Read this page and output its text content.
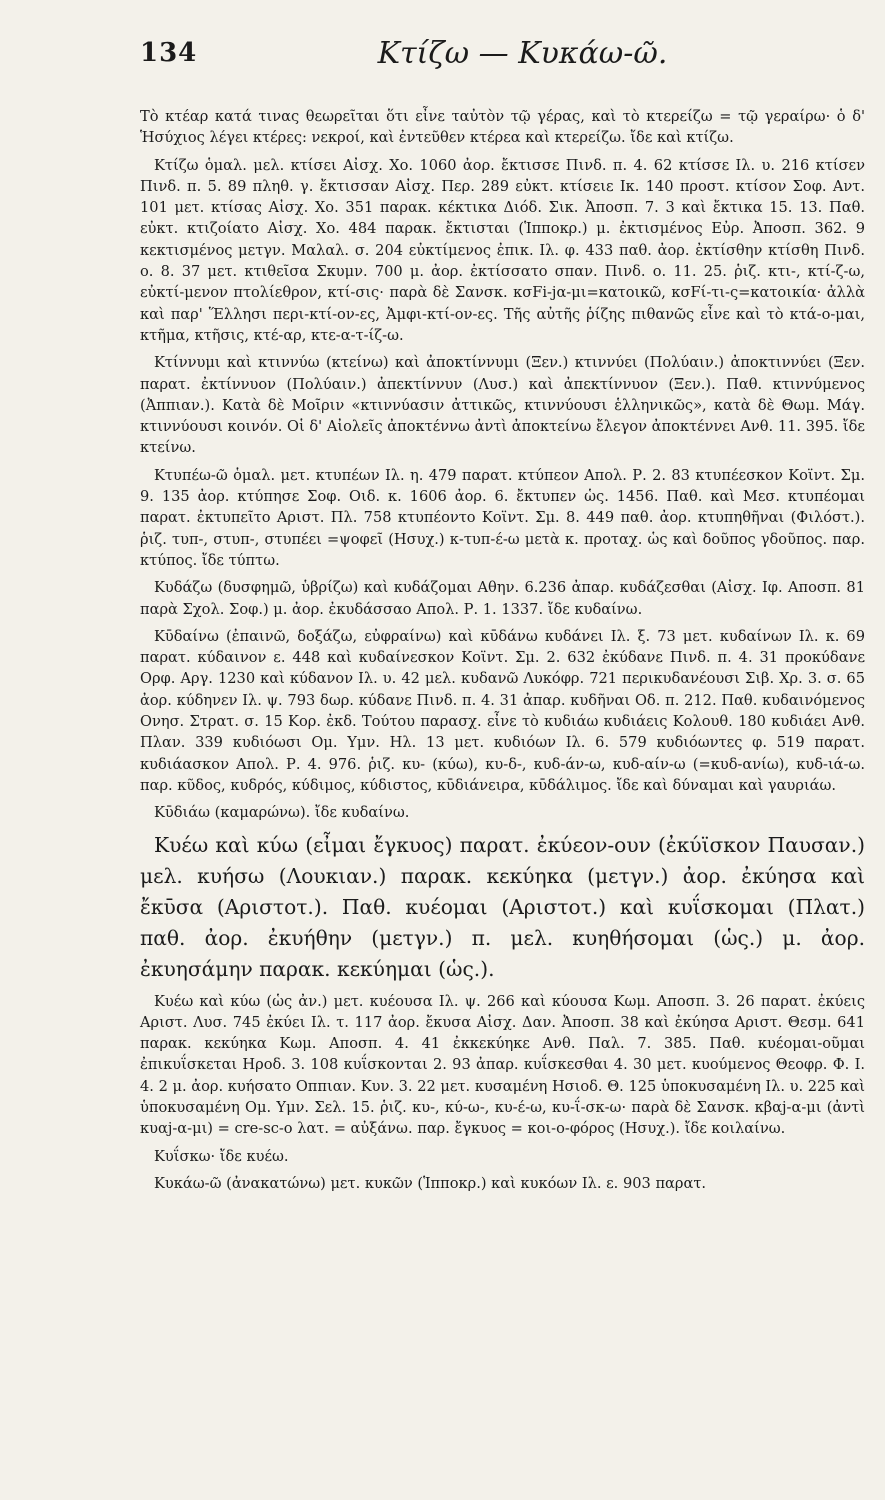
134	Κτίζω — Κυκάω-ῶ.

Τὸ κτέαρ κατά τινας θεωρεῖται ὅτι εἶνε ταὐτὸν τῷ γέρας, καὶ τὸ κτερείζω = τῷ γεραίρω· ὁ δ' Ἡσύχιος λέγει κτέρες: νεκροί, καὶ ἐντεῦθεν κτέρεα καὶ κτερείζω. ἴδε καὶ κτίζω.

Κτίζω ὁμαλ. μελ. κτίσει Αἰσχ. Χο. 1060 ἀορ. ἔκτισσε Πινδ. π. 4. 62 κτίσσε Ιλ. υ. 216 κτίσεν Πινδ. π. 5. 89 πληθ. γ. ἔκτισσαν Αἰσχ. Περ. 289 εὐκτ. κτίσειε Ικ. 140 προστ. κτίσον Σοφ. Αντ. 101 μετ. κτίσας Αἰσχ. Χο. 351 παρακ. κέκτικα Διόδ. Σικ. Ἀποσπ. 7. 3 καὶ ἔκτικα 15. 13. Παθ. εὐκτ. κτιζοίατο Αἰσχ. Χο. 484 παρακ. ἔκτισται (Ἱπποκρ.) μ. ἐκτισμένος Εὐρ. Ἀποσπ. 362. 9 κεκτισμένος μετγν. Μαλαλ. σ. 204 εὐκτίμενος ἐπικ. Ιλ. φ. 433 παθ. ἀορ. ἐκτίσθην κτίσθη Πινδ. ο. 8. 37 μετ. κτιθεῖσα Σκυμν. 700 μ. ἀορ. ἐκτίσσατο σπαν. Πινδ. ο. 11. 25. ῥιζ. κτι-, κτί-ζ-ω, εὐκτί-μενον πτολίεθρον, κτί-σις· παρὰ δὲ Σανσκ. κσFi-jα-μι=κατοικῶ, κσFί-τι-ς=κατοικία· ἀλλὰ καὶ παρ' Ἕλλησι περι-κτί-ον-ες, Ἀμφι-κτί-ον-ες. Τῆς αὐτῆς ῥίζης πιθανῶς εἶνε καὶ τὸ κτά-ο-μαι, κτῆμα, κτῆσις, κτέ-αρ, κτε-α-τ-ίζ-ω.

Κτίννυμι καὶ κτιννύω (κτείνω) καὶ ἀποκτίννυμι (Ξεν.) κτιννύει (Πολύαιν.) ἀποκτιννύει (Ξεν. παρατ. ἐκτίννυον (Πολύαιν.) ἀπεκτίννυν (Λυσ.) καὶ ἀπεκτίννυον (Ξεν.). Παθ. κτιννύμενος (Ἀππιαν.). Κατὰ δὲ Μοῖριν «κτιννύασιν ἀττικῶς, κτιννύουσι ἑλληνικῶς», κατὰ δὲ Θωμ. Μάγ. κτιννύουσι κοινόν. Οἱ δ' Αἰολεῖς ἀποκτέννω ἀντὶ ἀποκτείνω ἔλεγον ἀποκτέννει Ανθ. 11. 395. ἴδε κτείνω.

Κτυπέω-ῶ ὁμαλ. μετ. κτυπέων Ιλ. η. 479 παρατ. κτύπεον Απολ. Ρ. 2. 83 κτυπέεσκον Κοϊντ. Σμ. 9. 135 ἀορ. κτύπησε Σοφ. Οιδ. κ. 1606 ἀορ. 6. ἔκτυπεν ὡς. 1456. Παθ. καὶ Μεσ. κτυπέομαι παρατ. ἐκτυπεῖτο Αριστ. Πλ. 758 κτυπέοντο Κοϊντ. Σμ. 8. 449 παθ. ἀορ. κτυπηθῆναι (Φιλόστ.). ῥιζ. τυπ-, στυπ-, στυπέει =ψοφεῖ (Ησυχ.) κ-τυπ-έ-ω μετὰ κ. προταχ. ὡς καὶ δοῦπος γδοῦπος. παρ. κτύπος. ἴδε τύπτω.

Κυδάζω (δυσφημῶ, ὑβρίζω) καὶ κυδάζομαι Αθην. 6.236 ἀπαρ. κυδάζεσθαι (Αἰσχ. Ιφ. Αποσπ. 81 παρὰ Σχολ. Σοφ.) μ. ἀορ. ἐκυδάσσαο Απολ. Ρ. 1. 1337. ἴδε κυδαίνω.

Κῡδαίνω (ἐπαινῶ, δοξάζω, εὐφραίνω) καὶ κῡδάνω κυδάνει Ιλ. ξ. 73 μετ. κυδαίνων Ιλ. κ. 69 παρατ. κύδαινον ε. 448 καὶ κυδαίνεσκον Κοϊντ. Σμ. 2. 632 ἐκύδανε Πινδ. π. 4. 31 προκύδανε Ορφ. Αργ. 1230 καὶ κύδανον Ιλ. υ. 42 μελ. κυδανῶ Λυκόφρ. 721 περικυδανέουσι Σιβ. Χρ. 3. σ. 65 ἀορ. κύδηνεν Ιλ. ψ. 793 δωρ. κύδανε Πινδ. π. 4. 31 ἀπαρ. κυδῆναι Οδ. π. 212. Παθ. κυδαινόμενος Ονησ. Στρατ. σ. 15 Κορ. ἐκδ. Τούτου παρασχ. εἶνε τὸ κυδιάω κυδιάεις Κολουθ. 180 κυδιάει Ανθ. Πλαν. 339 κυδιόωσι Ομ. Υμν. Ηλ. 13 μετ. κυδιόων Ιλ. 6. 579 κυδιόωντες φ. 519 παρατ. κυδιάασκον Απολ. Ρ. 4. 976. ῥιζ. κυ- (κύω), κυ-δ-, κυδ-άν-ω, κυδ-αίν-ω (=κυδ-ανίω), κυδ-ιά-ω. παρ. κῦδος, κυδρός, κύδιμος, κύδιστος, κῡδιάνειρα, κῡδάλιμος. ἴδε καὶ δύναμαι καὶ γαυριάω.

Κῡδιάω (καμαρώνω). ἴδε κυδαίνω.

Κυέω καὶ κύω (εἶμαι ἔγκυος) παρατ. ἐκύεον-ουν (ἐκύϊσκον Παυσαν.) μελ. κυήσω (Λουκιαν.) παρακ. κεκύηκα (μετγν.) ἀορ. ἐκύησα καὶ ἔκῡσα (Αριστοτ.). Παθ. κυέομαι (Αριστοτ.) καὶ κυΐσκομαι (Πλατ.) παθ. ἀορ. ἐκυήθην (μετγν.) π. μελ. κυηθήσομαι (ὡς.) μ. ἀορ. ἐκυησάμην παρακ. κεκύημαι (ὡς.).

Κυέω καὶ κύω (ὡς ἀν.) μετ. κυέουσα Ιλ. ψ. 266 καὶ κύουσα Κωμ. Αποσπ. 3. 26 παρατ. ἐκύεις Αριστ. Λυσ. 745 ἐκύει Ιλ. τ. 117 ἀορ. ἔκυσα Αἰσχ. Δαν. Ἀποσπ. 38 καὶ ἐκύησα Αριστ. Θεσμ. 641 παρακ. κεκύηκα Κωμ. Αποσπ. 4. 41 ἐκκεκύηκε Ανθ. Παλ. 7. 385. Παθ. κυέομαι-οῦμαι ἐπικυΐσκεται Ηροδ. 3. 108 κυΐσκονται 2. 93 ἀπαρ. κυΐσκεσθαι 4. 30 μετ. κυούμενος Θεοφρ. Φ. Ι. 4. 2 μ. ἀορ. κυήσατο Οππιαν. Κυν. 3. 22 μετ. κυσαμένη Ησιοδ. Θ. 125 ὑποκυσαμένη Ιλ. υ. 225 καὶ ὑποκυσαμένη Ομ. Υμν. Σελ. 15. ῥιζ. κυ-, κύ-ω-, κυ-έ-ω, κυ-ΐ-σκ-ω· παρὰ δὲ Σανσκ. κβαj-α-μι (ἀντὶ κυαj-α-μι) = cre-sc-o λατ. = αὐξάνω. παρ. ἔγκυος = κοι-ο-φόρος (Ησυχ.). ἴδε κοιλαίνω.

Κυΐσκω· ἴδε κυέω.

Κυκάω-ῶ (ἀνακατώνω) μετ. κυκῶν (Ἱπποκρ.) καὶ κυκόων Ιλ. ε. 903 παρατ.
